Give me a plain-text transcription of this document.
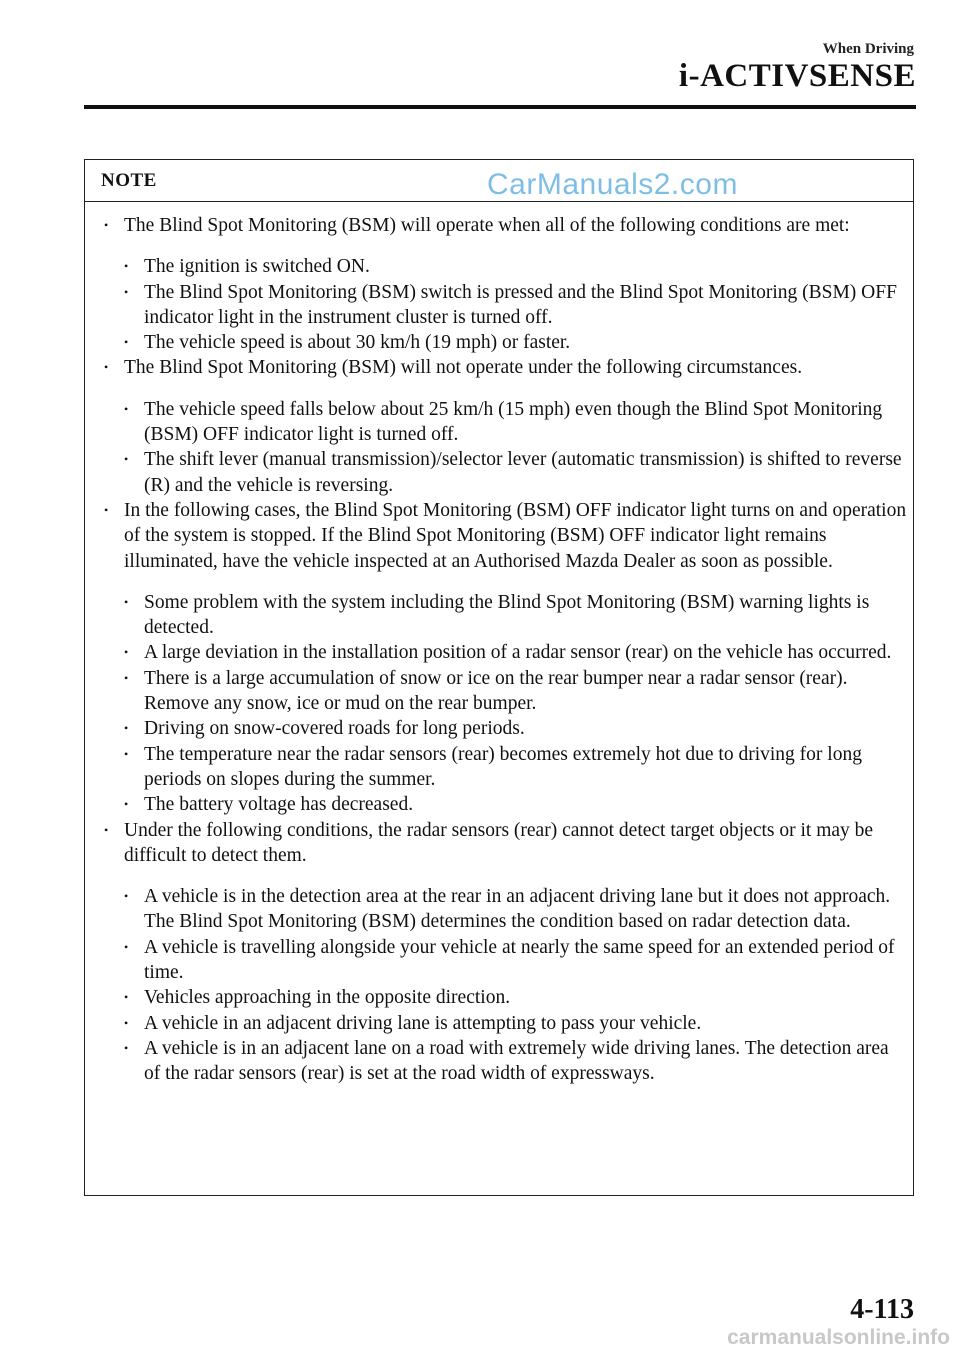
When Driving
i-ACTIVSENSE
NOTE	CarManuals2.com
• The Blind Spot Monitoring (BSM) will operate when all of the following conditions are met:
• The ignition is switched ON.
• The Blind Spot Monitoring (BSM) switch is pressed and the Blind Spot Monitoring (BSM) OFF indicator light in the instrument cluster is turned off.
• The vehicle speed is about 30 km/h (19 mph) or faster.
• The Blind Spot Monitoring (BSM) will not operate under the following circumstances.
• The vehicle speed falls below about 25 km/h (15 mph) even though the Blind Spot Monitoring (BSM) OFF indicator light is turned off.
• The shift lever (manual transmission)/selector lever (automatic transmission) is shifted to reverse (R) and the vehicle is reversing.
• In the following cases, the Blind Spot Monitoring (BSM) OFF indicator light turns on and operation of the system is stopped. If the Blind Spot Monitoring (BSM) OFF indicator light remains illuminated, have the vehicle inspected at an Authorised Mazda Dealer as soon as possible.
• Some problem with the system including the Blind Spot Monitoring (BSM) warning lights is detected.
• A large deviation in the installation position of a radar sensor (rear) on the vehicle has occurred.
• There is a large accumulation of snow or ice on the rear bumper near a radar sensor (rear). Remove any snow, ice or mud on the rear bumper.
• Driving on snow-covered roads for long periods.
• The temperature near the radar sensors (rear) becomes extremely hot due to driving for long periods on slopes during the summer.
• The battery voltage has decreased.
• Under the following conditions, the radar sensors (rear) cannot detect target objects or it may be difficult to detect them.
• A vehicle is in the detection area at the rear in an adjacent driving lane but it does not approach. The Blind Spot Monitoring (BSM) determines the condition based on radar detection data.
• A vehicle is travelling alongside your vehicle at nearly the same speed for an extended period of time.
• Vehicles approaching in the opposite direction.
• A vehicle in an adjacent driving lane is attempting to pass your vehicle.
• A vehicle is in an adjacent lane on a road with extremely wide driving lanes. The detection area of the radar sensors (rear) is set at the road width of expressways.
4-113
carmanualsonline.info
